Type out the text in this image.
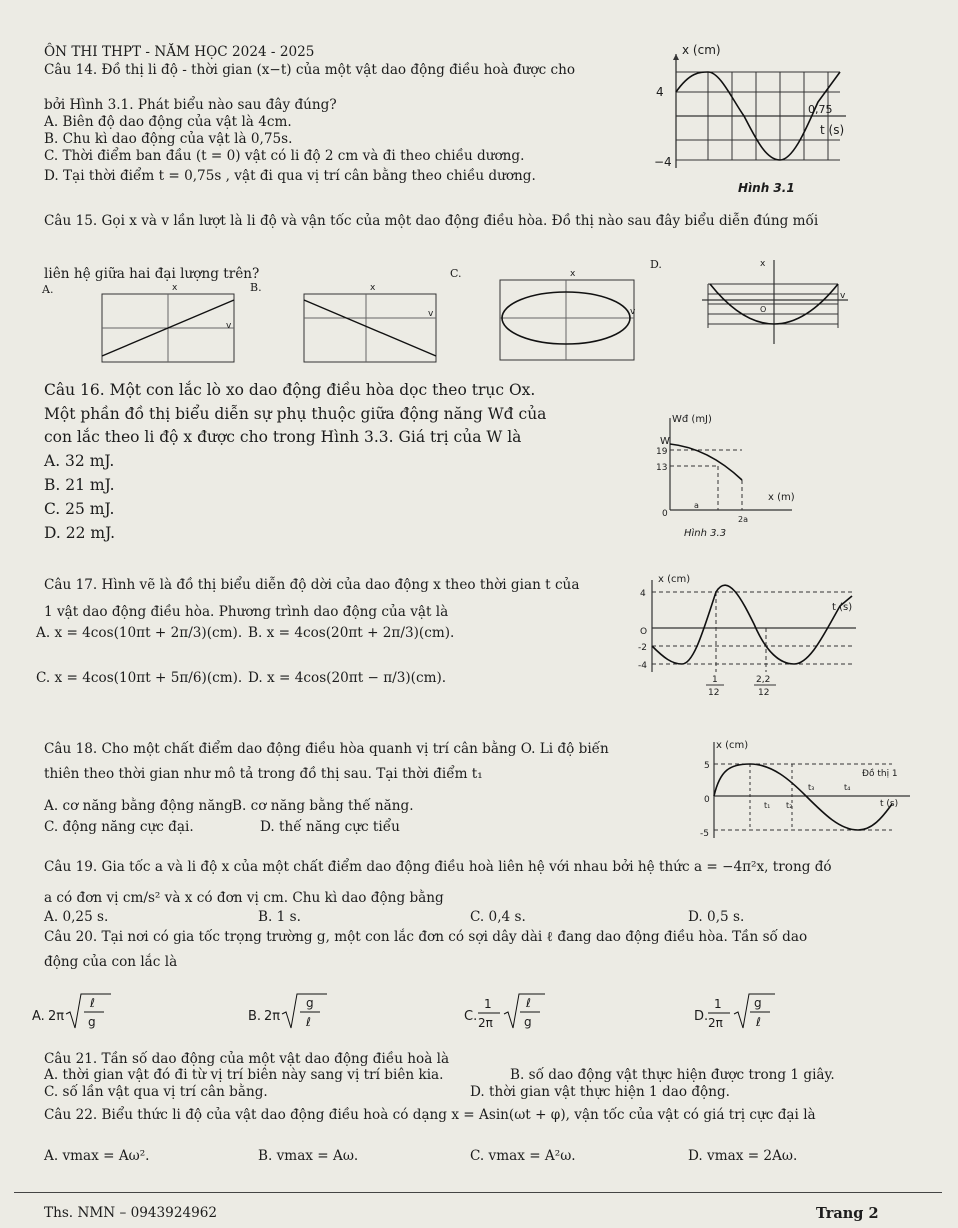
ÔN THI THPT - NĂM HỌC 2024 - 2025
Câu 14. Đồ thị li độ - thời gian (x−t) của một vật dao động điều hoà được cho
bởi Hình 3.1. Phát biểu nào sau đây đúng?
A. Biên độ dao động của vật là 4cm.
B. Chu kì dao động của vật là 0,75s.
C. Thời điểm ban đầu (t = 0) vật có li độ 2 cm và đi theo chiều dương.
D. Tại thời điểm t = 0,75s , vật đi qua vị trí cân bằng theo chiều dương.
x (cm)
4
−4
0,75
t (s)
Hình 3.1
Câu 15. Gọi x và v lần lượt là li độ và vận tốc của một dao động điều hòa. Đồ thị nào sau đây biểu diễn đúng mối
liên hệ giữa hai đại lượng trên?
A.	x
v
B.	x
v
C.	x
v
D.	x
v
O
Câu 16. Một con lắc lò xo dao động điều hòa dọc theo trục Ox.
Một phần đồ thị biểu diễn sự phụ thuộc giữa động năng Wđ của
con lắc theo li độ x được cho trong Hình 3.3. Giá trị của W là
A. 32 mJ.
B. 21 mJ.
C. 25 mJ.
D. 22 mJ.
Wđ (mJ)
W
19
13
x (m)
0
a
2a
Hình 3.3
Câu 17. Hình vẽ là đồ thị biểu diễn độ dời của dao động x theo thời gian t của
1 vật dao động điều hòa. Phương trình dao động của vật là
A. x = 4cos(10πt + 2π/3)(cm). B. x = 4cos(20πt + 2π/3)(cm).
C. x = 4cos(10πt + 5π/6)(cm). D. x = 4cos(20πt − π/3)(cm).
x (cm)
4
-2
-4
O
t (s)
1
12
2,2
12
Câu 18. Cho một chất điểm dao động điều hòa quanh vị trí cân bằng O. Li độ biến
thiên theo thời gian như mô tả trong đồ thị sau. Tại thời điểm t₁
A. cơ năng bằng động năng.
B. cơ năng bằng thế năng.
C. động năng cực đại.	D. thế năng cực tiểu
x (cm)
5
-5
0
Đồ thị 1
t₁ t₂
t₃	t₄
t (s)
Câu 19. Gia tốc a và li độ x của một chất điểm dao động điều hoà liên hệ với nhau bởi hệ thức a = −4π²x, trong đó
a có đơn vị cm/s² và x có đơn vị cm. Chu kì dao động bằng
A. 0,25 s.	B. 1 s.	C. 0,4 s.	D. 0,5 s.
Câu 20. Tại nơi có gia tốc trọng trường g, một con lắc đơn có sợi dây dài ℓ đang dao động điều hòa. Tần số dao
động của con lắc là
A. 2π
ℓ
g	B. 2π
g
ℓ	C.
1
2π
ℓ
g	D.
1
2π
g
ℓ
Câu 21. Tần số dao động của một vật dao động điều hoà là
A. thời gian vật đó đi từ vị trí biên này sang vị trí biên kia.	B. số dao động vật thực hiện được trong 1 giây.
C. số lần vật qua vị trí cân bằng.	D. thời gian vật thực hiện 1 dao động.
Câu 22. Biểu thức li độ của vật dao động điều hoà có dạng x = Asin(ωt + φ), vận tốc của vật có giá trị cực đại là
A. vmax = Aω².	B. vmax = Aω.	C. vmax = A²ω.	D. vmax = 2Aω.
Ths. NMN – 0943924962	Trang 2
